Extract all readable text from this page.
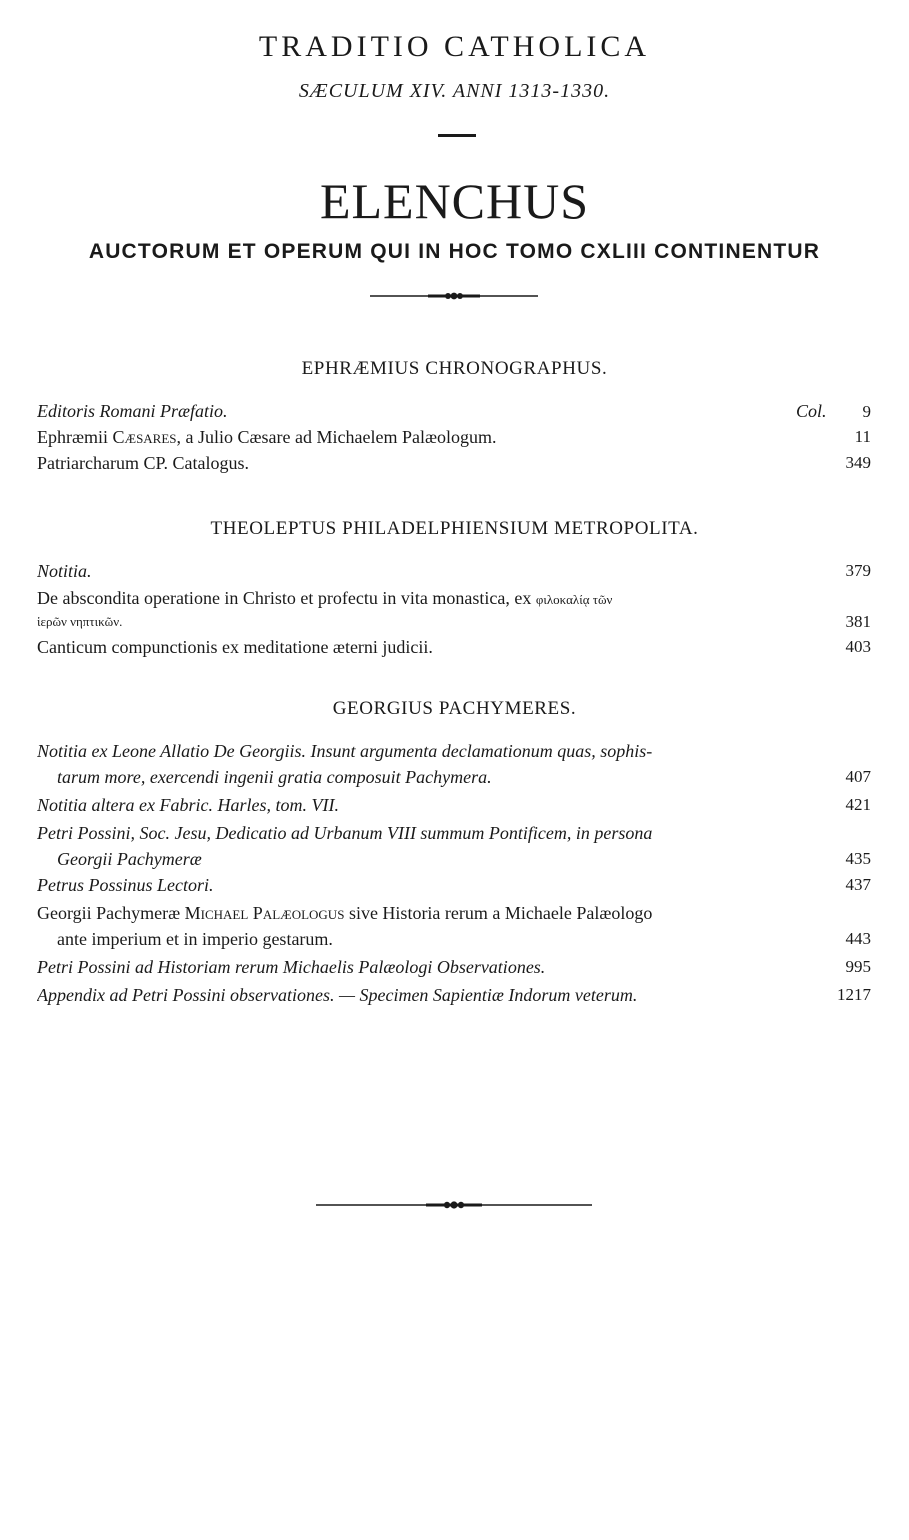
TRADITIO CATHOLICA
SÆCULUM XIV. ANNI 1313-1330.
ELENCHUS
AUCTORUM ET OPERUM QUI IN HOC TOMO CXLIII CONTINENTUR
EPHRÆMIUS CHRONOGRAPHUS.
Editoris Romani Præfatio.	Col. 9
Ephræmii Cæsares, a Julio Cæsare ad Michaelem Palæologum.	11
Patriarcharum CP. Catalogus.	349
THEOLEPTUS PHILADELPHIENSIUM METROPOLITA.
Notitia.	379
De abscondita operatione in Christo et profectu in vita monastica, ex φιλοκαλίᾳ τῶν
ἱερῶν νηπτικῶν.	381
Canticum compunctionis ex meditatione æterni judicii.	403
GEORGIUS PACHYMERES.
Notitia ex Leone Allatio De Georgiis. Insunt argumenta declamationum quas, sophis-
tarum more, exercendi ingenii gratia composuit Pachymera.	407
Notitia altera ex Fabric. Harles, tom. VII.	421
Petri Possini, Soc. Jesu, Dedicatio ad Urbanum VIII summum Pontificem, in persona
Georgii Pachymeræ	435
Petrus Possinus Lectori.	437
Georgii Pachymeræ Michael Palæologus sive Historia rerum a Michaele Palæologo
ante imperium et in imperio gestarum.	443
Petri Possini ad Historiam rerum Michaelis Palæologi Observationes.	995
Appendix ad Petri Possini observationes. — Specimen Sapientiæ Indorum veterum.	1217
